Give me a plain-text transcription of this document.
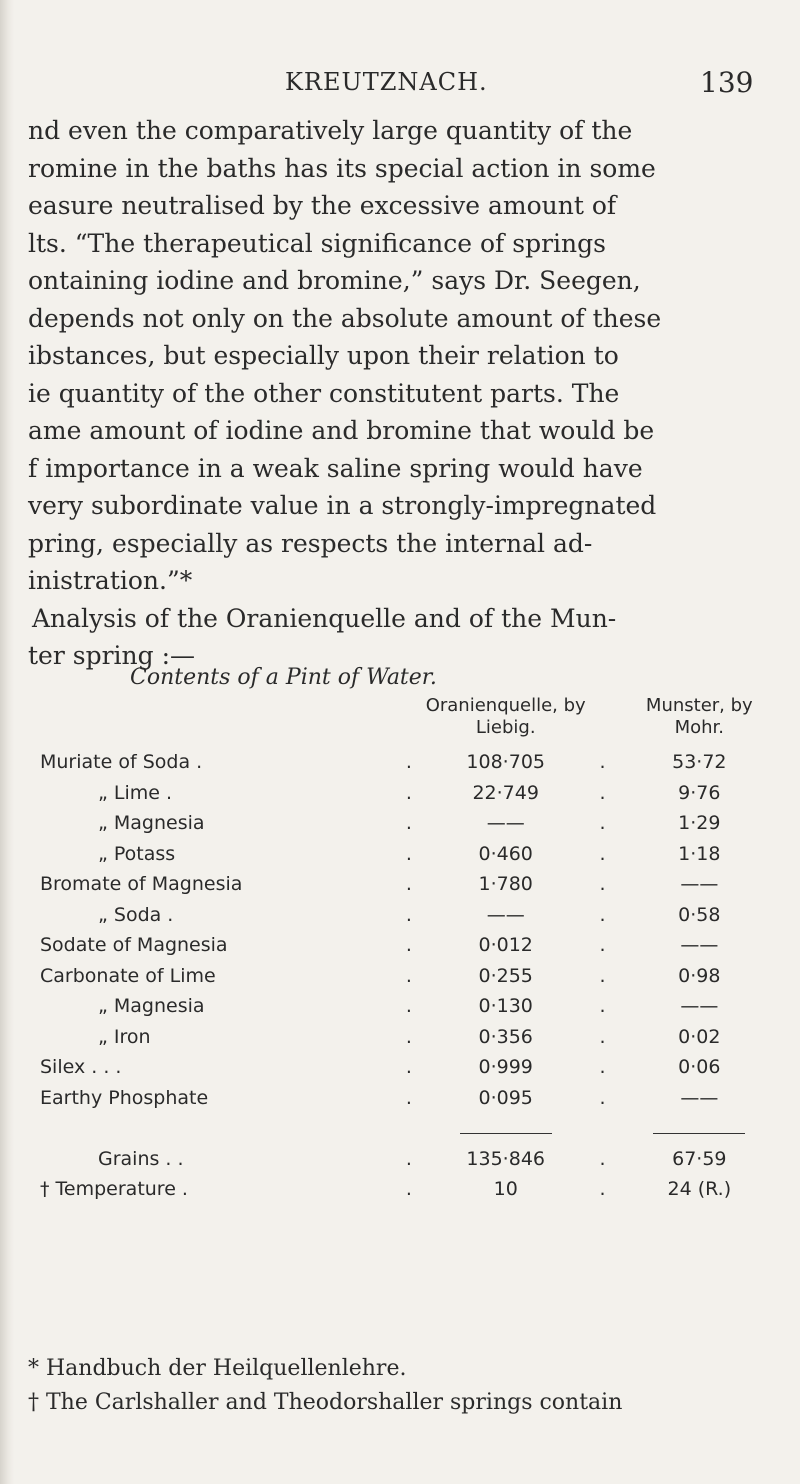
KREUTZNACH.	139
nd even the comparatively large quantity of the
romine in the baths has its special action in some
easure neutralised by the excessive amount of
lts. “The therapeutical significance of springs
ontaining iodine and bromine,” says Dr. Seegen,
depends not only on the absolute amount of these
ibstances, but especially upon their relation to
ie quantity of the other constitutent parts. The
ame amount of iodine and bromine that would be
f importance in a weak saline spring would have
very subordinate value in a strongly-impregnated
pring, especially as respects the internal ad-
inistration.”*
Analysis of the Oranienquelle and of the Mun-
ter spring :—
Contents of a Pint of Water.
		Oranienquelle, by Liebig.		Munster, by Mohr.
Muriate of Soda .	.	108·705	.	53·72
„ Lime .	.	22·749	.	9·76
„ Magnesia	.	——	.	1·29
„ Potass	.	0·460	.	1·18
Bromate of Magnesia	.	1·780	.	——
„ Soda .	.	——	.	0·58
Sodate of Magnesia	.	0·012	.	——
Carbonate of Lime	.	0·255	.	0·98
„ Magnesia	.	0·130	.	——
„ Iron	.	0·356	.	0·02
Silex . . .	.	0·999	.	0·06
Earthy Phosphate	.	0·095	.	——

Grains . .	.	135·846	.	67·59
† Temperature .	.	10	.	24 (R.)
* Handbuch der Heilquellenlehre.
† The Carlshaller and Theodorshaller springs contain
